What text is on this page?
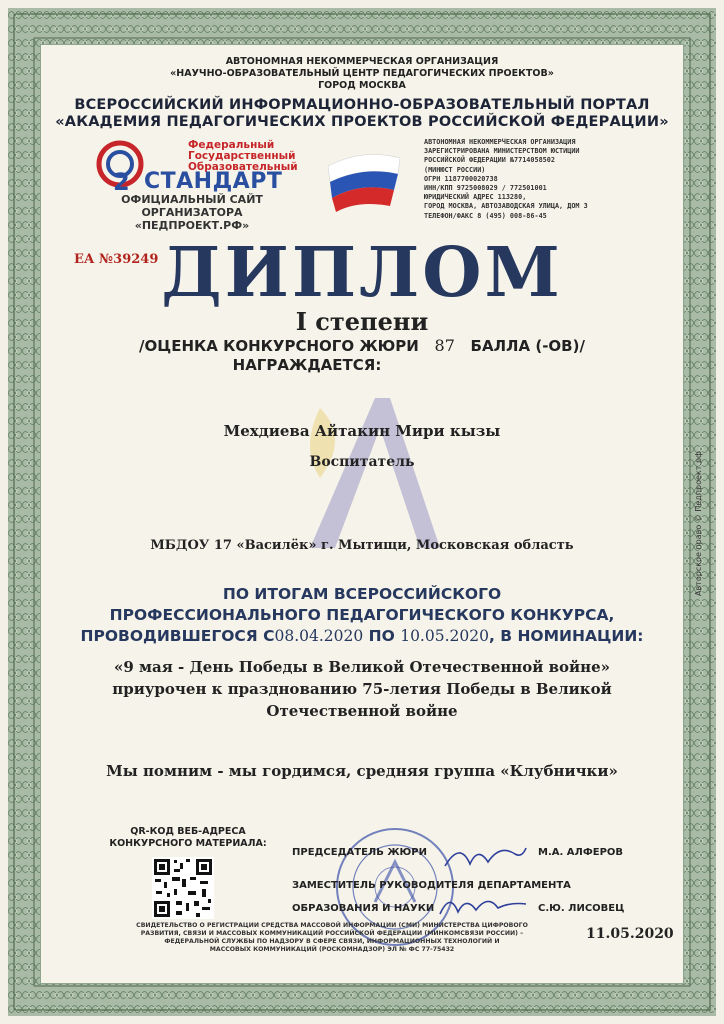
АВТОНОМНАЯ НЕКОММЕРЧЕСКАЯ ОРГАНИЗАЦИЯ
«НАУЧНО-ОБРАЗОВАТЕЛЬНЫЙ ЦЕНТР ПЕДАГОГИЧЕСКИХ ПРОЕКТОВ»
ГОРОД МОСКВА
ВСЕРОССИЙСКИЙ ИНФОРМАЦИОННО-ОБРАЗОВАТЕЛЬНЫЙ ПОРТАЛ
«АКАДЕМИЯ ПЕДАГОГИЧЕСКИХ ПРОЕКТОВ РОССИЙСКОЙ ФЕДЕРАЦИИ»
2
Федеральный
Государственный
Образовательный
СТАНДАРТ
АВТОНОМНАЯ НЕКОММЕРЧЕСКАЯ ОРГАНИЗАЦИЯ
ЗАРЕГИСТРИРОВАНА МИНИСТЕРСТВОМ ЮСТИЦИИ
РОССИЙСКОЙ ФЕДЕРАЦИИ №7714058502
(МИНЮСТ РОССИИ)
ОГРН 1187700020738
ИНН/КПП 9725008029 / 772501001
ЮРИДИЧЕСКИЙ АДРЕС 113280,
ГОРОД МОСКВА, АВТОЗАВОДСКАЯ УЛИЦА, ДОМ 3
ТЕЛЕФОН/ФАКС 8 (495) 008-86-45
ОФИЦИАЛЬНЫЙ САЙТ
ОРГАНИЗАТОРА
«ПЕДПРОЕКТ.РФ»
ЕА №39249 ДИПЛОМ
I степени
/ОЦЕНКА КОНКУРСНОГО ЖЮРИ 87 БАЛЛА (-ОВ)/
НАГРАЖДАЕТСЯ:
Мехдиева Айтакин Мири кызы
Воспитатель
МБДОУ 17 «Василёк» г. Мытищи, Московская область
ПО ИТОГАМ ВСЕРОССИЙСКОГО
ПРОФЕССИОНАЛЬНОГО ПЕДАГОГИЧЕСКОГО КОНКУРСА,
ПРОВОДИВШЕГОСЯ С08.04.2020 ПО 10.05.2020, В НОМИНАЦИИ:
«9 мая - День Победы в Великой Отечественной войне»
приурочен к празднованию 75-летия Победы в Великой
Отечественной войне
Мы помним - мы гордимся, средняя группа «Клубнички»
QR-КОД ВЕБ-АДРЕСА
КОНКУРСНОГО МАТЕРИАЛА:
ПРЕДСЕДАТЕЛЬ ЖЮРИ	М.А. АЛФЕРОВ
ЗАМЕСТИТЕЛЬ РУКОВОДИТЕЛЯ ДЕПАРТАМЕНТА
ОБРАЗОВАНИЯ И НАУКИ	С.Ю. ЛИСОВЕЦ
СВИДЕТЕЛЬСТВО О РЕГИСТРАЦИИ СРЕДСТВА МАССОВОЙ ИНФОРМАЦИИ (СМИ) МИНИСТЕРСТВА ЦИФРОВОГО
РАЗВИТИЯ, СВЯЗИ И МАССОВЫХ КОММУНИКАЦИЙ РОССИЙСКОЙ ФЕДЕРАЦИИ (МИНКОМСВЯЗИ РОССИИ) –
ФЕДЕРАЛЬНОЙ СЛУЖБЫ ПО НАДЗОРУ В СФЕРЕ СВЯЗИ, ИНФОРМАЦИОННЫХ ТЕХНОЛОГИЙ И
МАССОВЫХ КОММУНИКАЦИЙ (РОСКОМНАДЗОР) ЭЛ № ФС 77-75432
11.05.2020
Авторское право © Педпроект.рф
